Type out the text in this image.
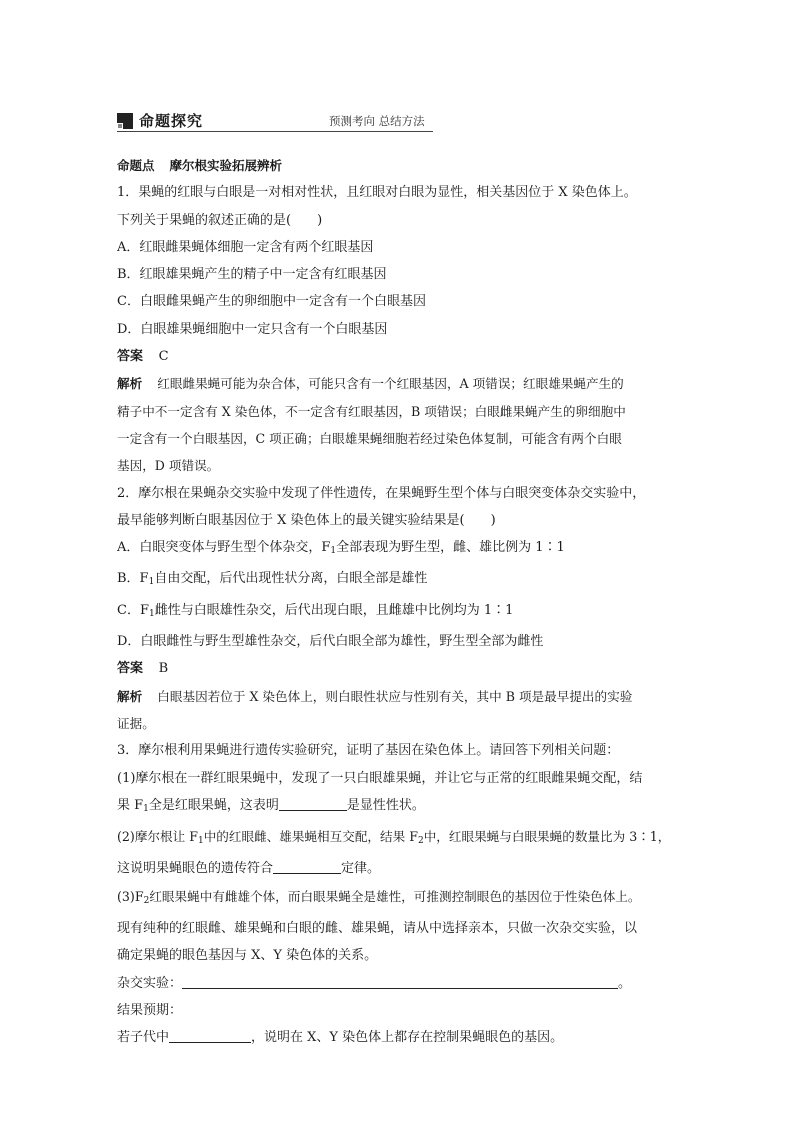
命题探究	预测考向 总结方法
命题点 摩尔根实验拓展辨析
1．果蝇的红眼与白眼是一对相对性状，且红眼对白眼为显性，相关基因位于 X 染色体上。
下列关于果蝇的叙述正确的是(　　)
A．红眼雌果蝇体细胞一定含有两个红眼基因
B．红眼雄果蝇产生的精子中一定含有红眼基因
C．白眼雌果蝇产生的卵细胞中一定含有一个白眼基因
D．白眼雄果蝇细胞中一定只含有一个白眼基因
答案 C
解析 红眼雌果蝇可能为杂合体，可能只含有一个红眼基因，A 项错误；红眼雄果蝇产生的
精子中不一定含有 X 染色体，不一定含有红眼基因，B 项错误；白眼雌果蝇产生的卵细胞中
一定含有一个白眼基因，C 项正确；白眼雄果蝇细胞若经过染色体复制，可能含有两个白眼
基因，D 项错误。
2．摩尔根在果蝇杂交实验中发现了伴性遗传，在果蝇野生型个体与白眼突变体杂交实验中，
最早能够判断白眼基因位于 X 染色体上的最关键实验结果是(　　)
A．白眼突变体与野生型个体杂交，$F_1$全部表现为野生型，雌、雄比例为 1∶1
B．$F_1$自由交配，后代出现性状分离，白眼全部是雄性
C．$F_1$雌性与白眼雄性杂交，后代出现白眼，且雌雄中比例均为 1∶1
D．白眼雌性与野生型雄性杂交，后代白眼全部为雄性，野生型全部为雌性
答案 B
解析 白眼基因若位于 X 染色体上，则白眼性状应与性别有关，其中 B 项是最早提出的实验
证据。
3．摩尔根利用果蝇进行遗传实验研究，证明了基因在染色体上。请回答下列相关问题：
(1)摩尔根在一群红眼果蝇中，发现了一只白眼雄果蝇，并让它与正常的红眼雌果蝇交配，结
果 $F_1$全是红眼果蝇，这表明	是显性性状。
(2)摩尔根让 $F_1$中的红眼雌、雄果蝇相互交配，结果 $F_2$中，红眼果蝇与白眼果蝇的数量比为 3∶1，
这说明果蝇眼色的遗传符合	定律。
$(3)F_2$红眼果蝇中有雌雄个体，而白眼果蝇全是雄性，可推测控制眼色的基因位于性染色体上。
现有纯种的红眼雌、雄果蝇和白眼的雌、雄果蝇，请从中选择亲本，只做一次杂交实验，以
确定果蝇的眼色基因与 X、Y 染色体的关系。
杂交实验：	。
结果预期：
若子代中	，说明在 X、Y 染色体上都存在控制果蝇眼色的基因。
